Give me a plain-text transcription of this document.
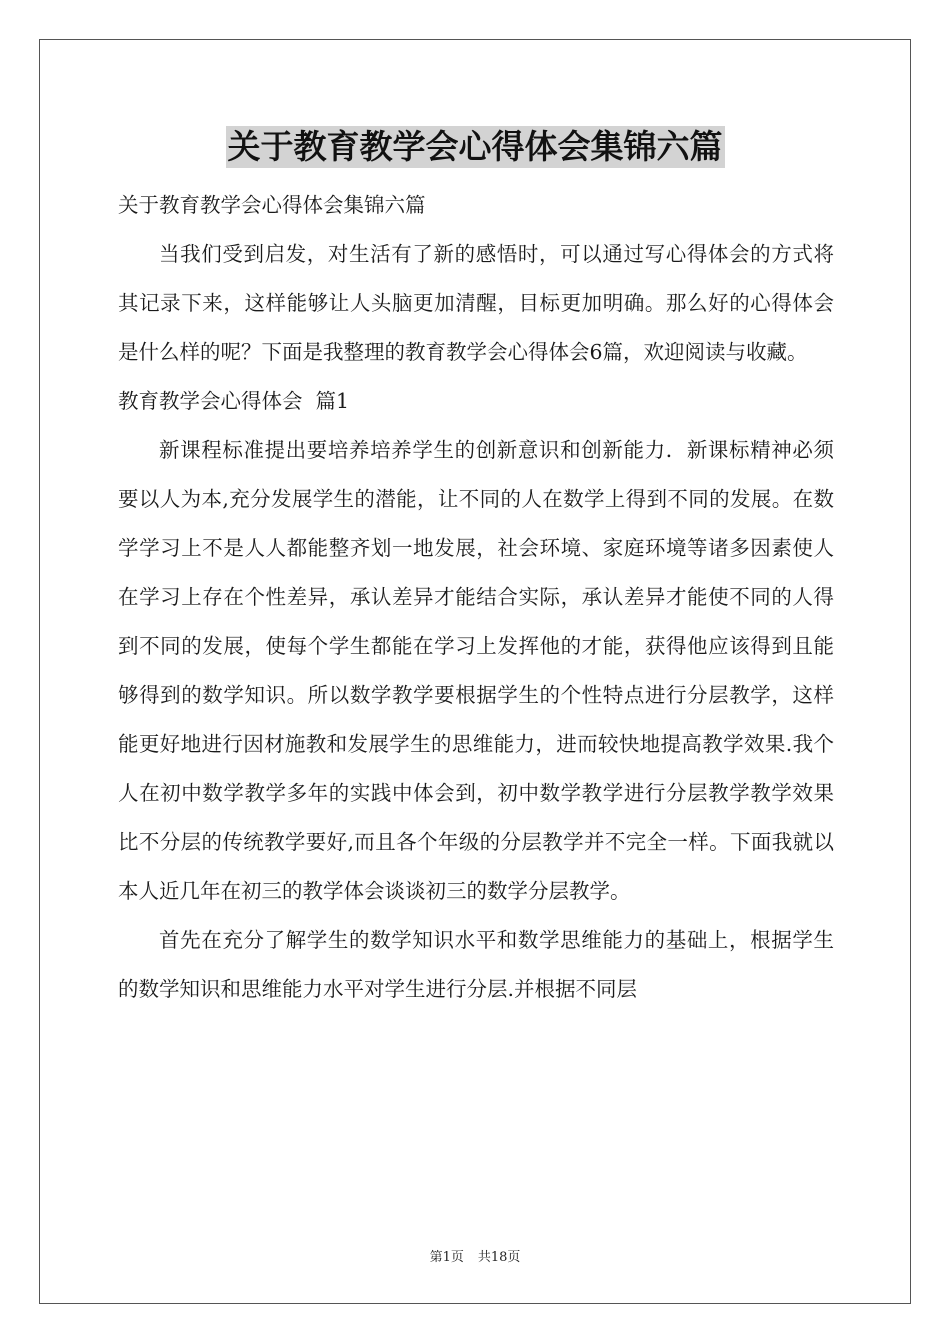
关于教育教学会心得体会集锦六篇

关于教育教学会心得体会集锦六篇

当我们受到启发，对生活有了新的感悟时，可以通过写心得体会的方式将其记录下来，这样能够让人头脑更加清醒，目标更加明确。那么好的心得体会是什么样的呢？下面是我整理的教育教学会心得体会6篇，欢迎阅读与收藏。

教育教学会心得体会  篇1

新课程标准提出要培养培养学生的创新意识和创新能力．新课标精神必须要以人为本,充分发展学生的潜能，让不同的人在数学上得到不同的发展。在数学学习上不是人人都能整齐划一地发展，社会环境、家庭环境等诸多因素使人在学习上存在个性差异，承认差异才能结合实际，承认差异才能使不同的人得到不同的发展，使每个学生都能在学习上发挥他的才能，获得他应该得到且能够得到的数学知识。所以数学教学要根据学生的个性特点进行分层教学，这样能更好地进行因材施教和发展学生的思维能力，进而较快地提高教学效果.我个人在初中数学教学多年的实践中体会到，初中数学教学进行分层教学教学效果比不分层的传统教学要好,而且各个年级的分层教学并不完全一样。下面我就以本人近几年在初三的教学体会谈谈初三的数学分层教学。

首先在充分了解学生的数学知识水平和数学思维能力的基础上，根据学生的数学知识和思维能力水平对学生进行分层.并根据不同层

第1页 共18页
